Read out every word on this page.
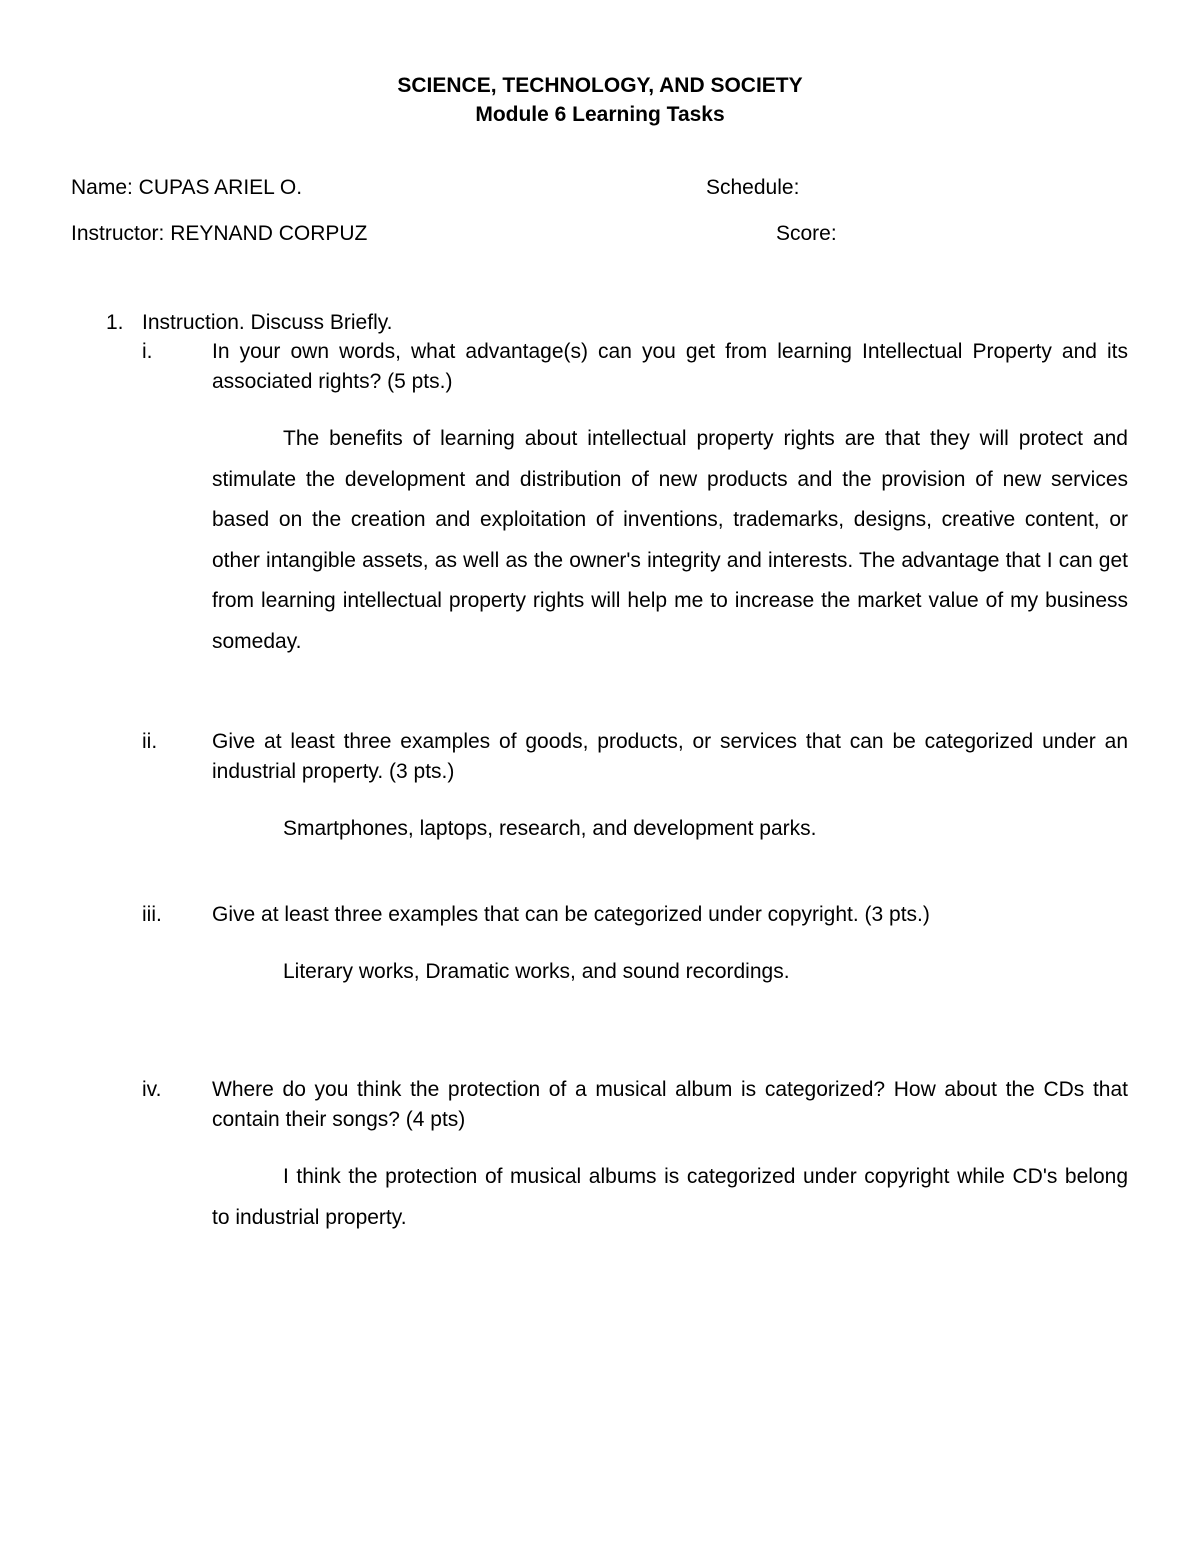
SCIENCE, TECHNOLOGY, AND SOCIETY
Module 6 Learning Tasks
Name: CUPAS ARIEL O.	Schedule:
Instructor: REYNAND CORPUZ	Score:
1. Instruction. Discuss Briefly.
i.	In your own words, what advantage(s) can you get from learning Intellectual Property and its associated rights? (5 pts.)
The benefits of learning about intellectual property rights are that they will protect and stimulate the development and distribution of new products and the provision of new services based on the creation and exploitation of inventions, trademarks, designs, creative content, or other intangible assets, as well as the owner's integrity and interests. The advantage that I can get from learning intellectual property rights will help me to increase the market value of my business someday.
ii.	Give at least three examples of goods, products, or services that can be categorized under an industrial property. (3 pts.)
Smartphones, laptops, research, and development parks.
iii. Give at least three examples that can be categorized under copyright. (3 pts.)
Literary works, Dramatic works, and sound recordings.
iv. Where do you think the protection of a musical album is categorized? How about the CDs that contain their songs? (4 pts)
I think the protection of musical albums is categorized under copyright while CD's belong to industrial property.
